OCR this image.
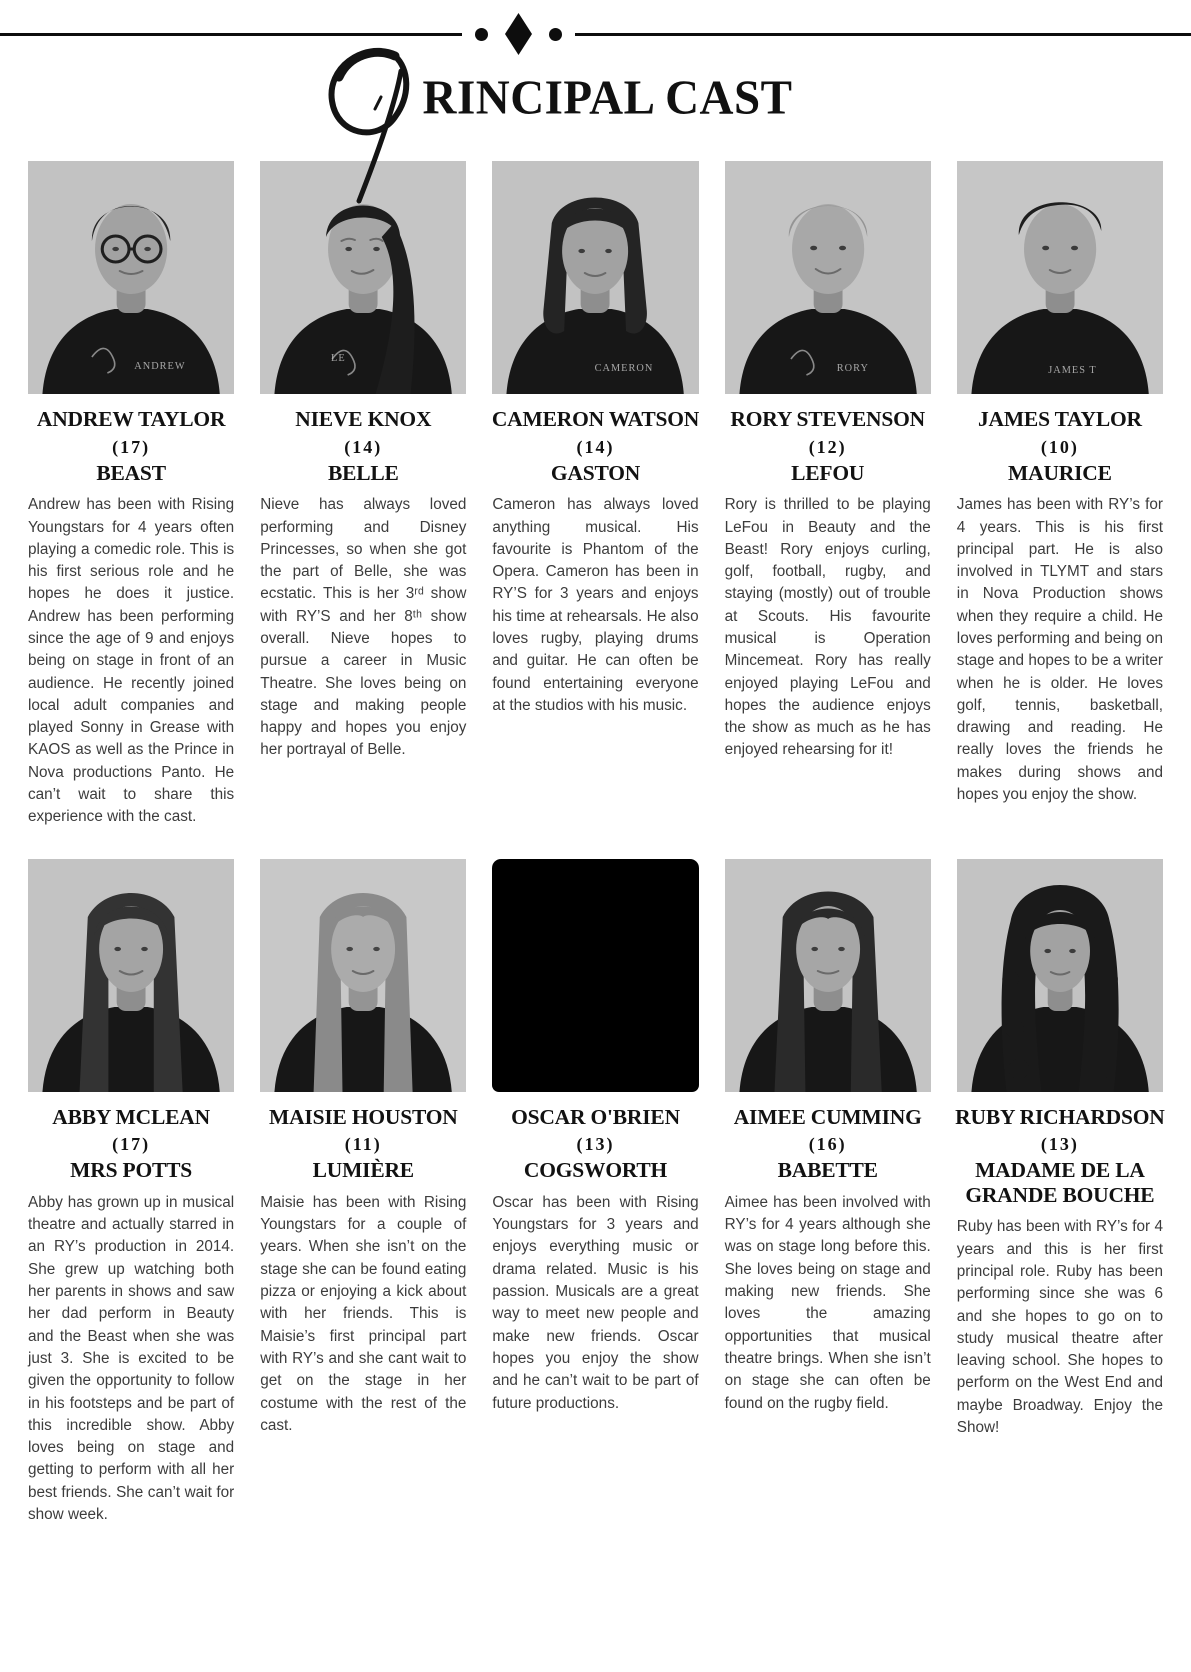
RINCIPAL CAST
ANDREW
ANDREW TAYLOR
(17)
BEAST

Andrew has been with Rising Youngstars for 4 years often playing a comedic role. This is his first serious role and he hopes he does it justice. Andrew has been performing since the age of 9 and enjoys being on stage in front of an audience. He recently joined local adult companies and played Sonny in Grease with KAOS as well as the Prince in Nova productions Panto. He can’t wait to share this experience with the cast.

LE
NIEVE KNOX
(14)
BELLE

Nieve has always loved performing and Disney Princesses, so when she got the part of Belle, she was ecstatic. This is her 3ʳᵈ show with RY’S and her 8ᵗʰ show overall. Nieve hopes to pursue a career in Music Theatre. She loves being on stage and making people happy and hopes you enjoy her portrayal of Belle.

CAMERON
CAMERON WATSON
(14)
GASTON

Cameron has always loved anything musical. His favourite is Phantom of the Opera. Cameron has been in RY’S for 3 years and enjoys his time at rehearsals. He also loves rugby, playing drums and guitar. He can often be found entertaining everyone at the studios with his music.

RORY
RORY STEVENSON
(12)
LEFOU

Rory is thrilled to be playing LeFou in Beauty and the Beast! Rory enjoys curling, golf, football, rugby, and staying (mostly) out of trouble at Scouts. His favourite musical is Operation Mincemeat. Rory has really enjoyed playing LeFou and hopes the audience enjoys the show as much as he has enjoyed rehearsing for it!

JAMES T
JAMES TAYLOR
(10)
MAURICE

James has been with RY’s for 4 years. This is his first principal part. He is also involved in TLYMT and stars in Nova Production shows when they require a child. He loves performing and being on stage and hopes to be a writer when he is older. He loves golf, tennis, basketball, drawing and reading. He really loves the friends he makes during shows and hopes you enjoy the show.

ABBY MCLEAN
(17)
MRS POTTS

Abby has grown up in musical theatre and actually starred in an RY’s production in 2014. She grew up watching both her parents in shows and saw her dad perform in Beauty and the Beast when she was just 3. She is excited to be given the opportunity to follow in his footsteps and be part of this incredible show. Abby loves being on stage and getting to perform with all her best friends. She can’t wait for show week.

MAISIE HOUSTON
(11)
LUMIÈRE

Maisie has been with Rising Youngstars for a couple of years. When she isn’t on the stage she can be found eating pizza or enjoying a kick about with her friends. This is Maisie’s first principal part with RY’s and she cant wait to get on the stage in her costume with the rest of the cast.

OSCAR O'BRIEN
(13)
COGSWORTH

Oscar has been with Rising Youngstars for 3 years and enjoys everything music or drama related. Music is his passion. Musicals are a great way to meet new people and make new friends. Oscar hopes you enjoy the show and he can’t wait to be part of future productions.

AIMEE CUMMING
(16)
BABETTE

Aimee has been involved with RY’s for 4 years although she was on stage long before this. She loves being on stage and making new friends. She loves the amazing opportunities that musical theatre brings. When she isn’t on stage she can often be found on the rugby field.

RUBY RICHARDSON
(13)
MADAME DE LA GRANDE BOUCHE

Ruby has been with RY’s for 4 years and this is her first principal role. Ruby has been performing since she was 6 and she hopes to go on to study musical theatre after leaving school. She hopes to perform on the West End and maybe Broadway. Enjoy the Show!
